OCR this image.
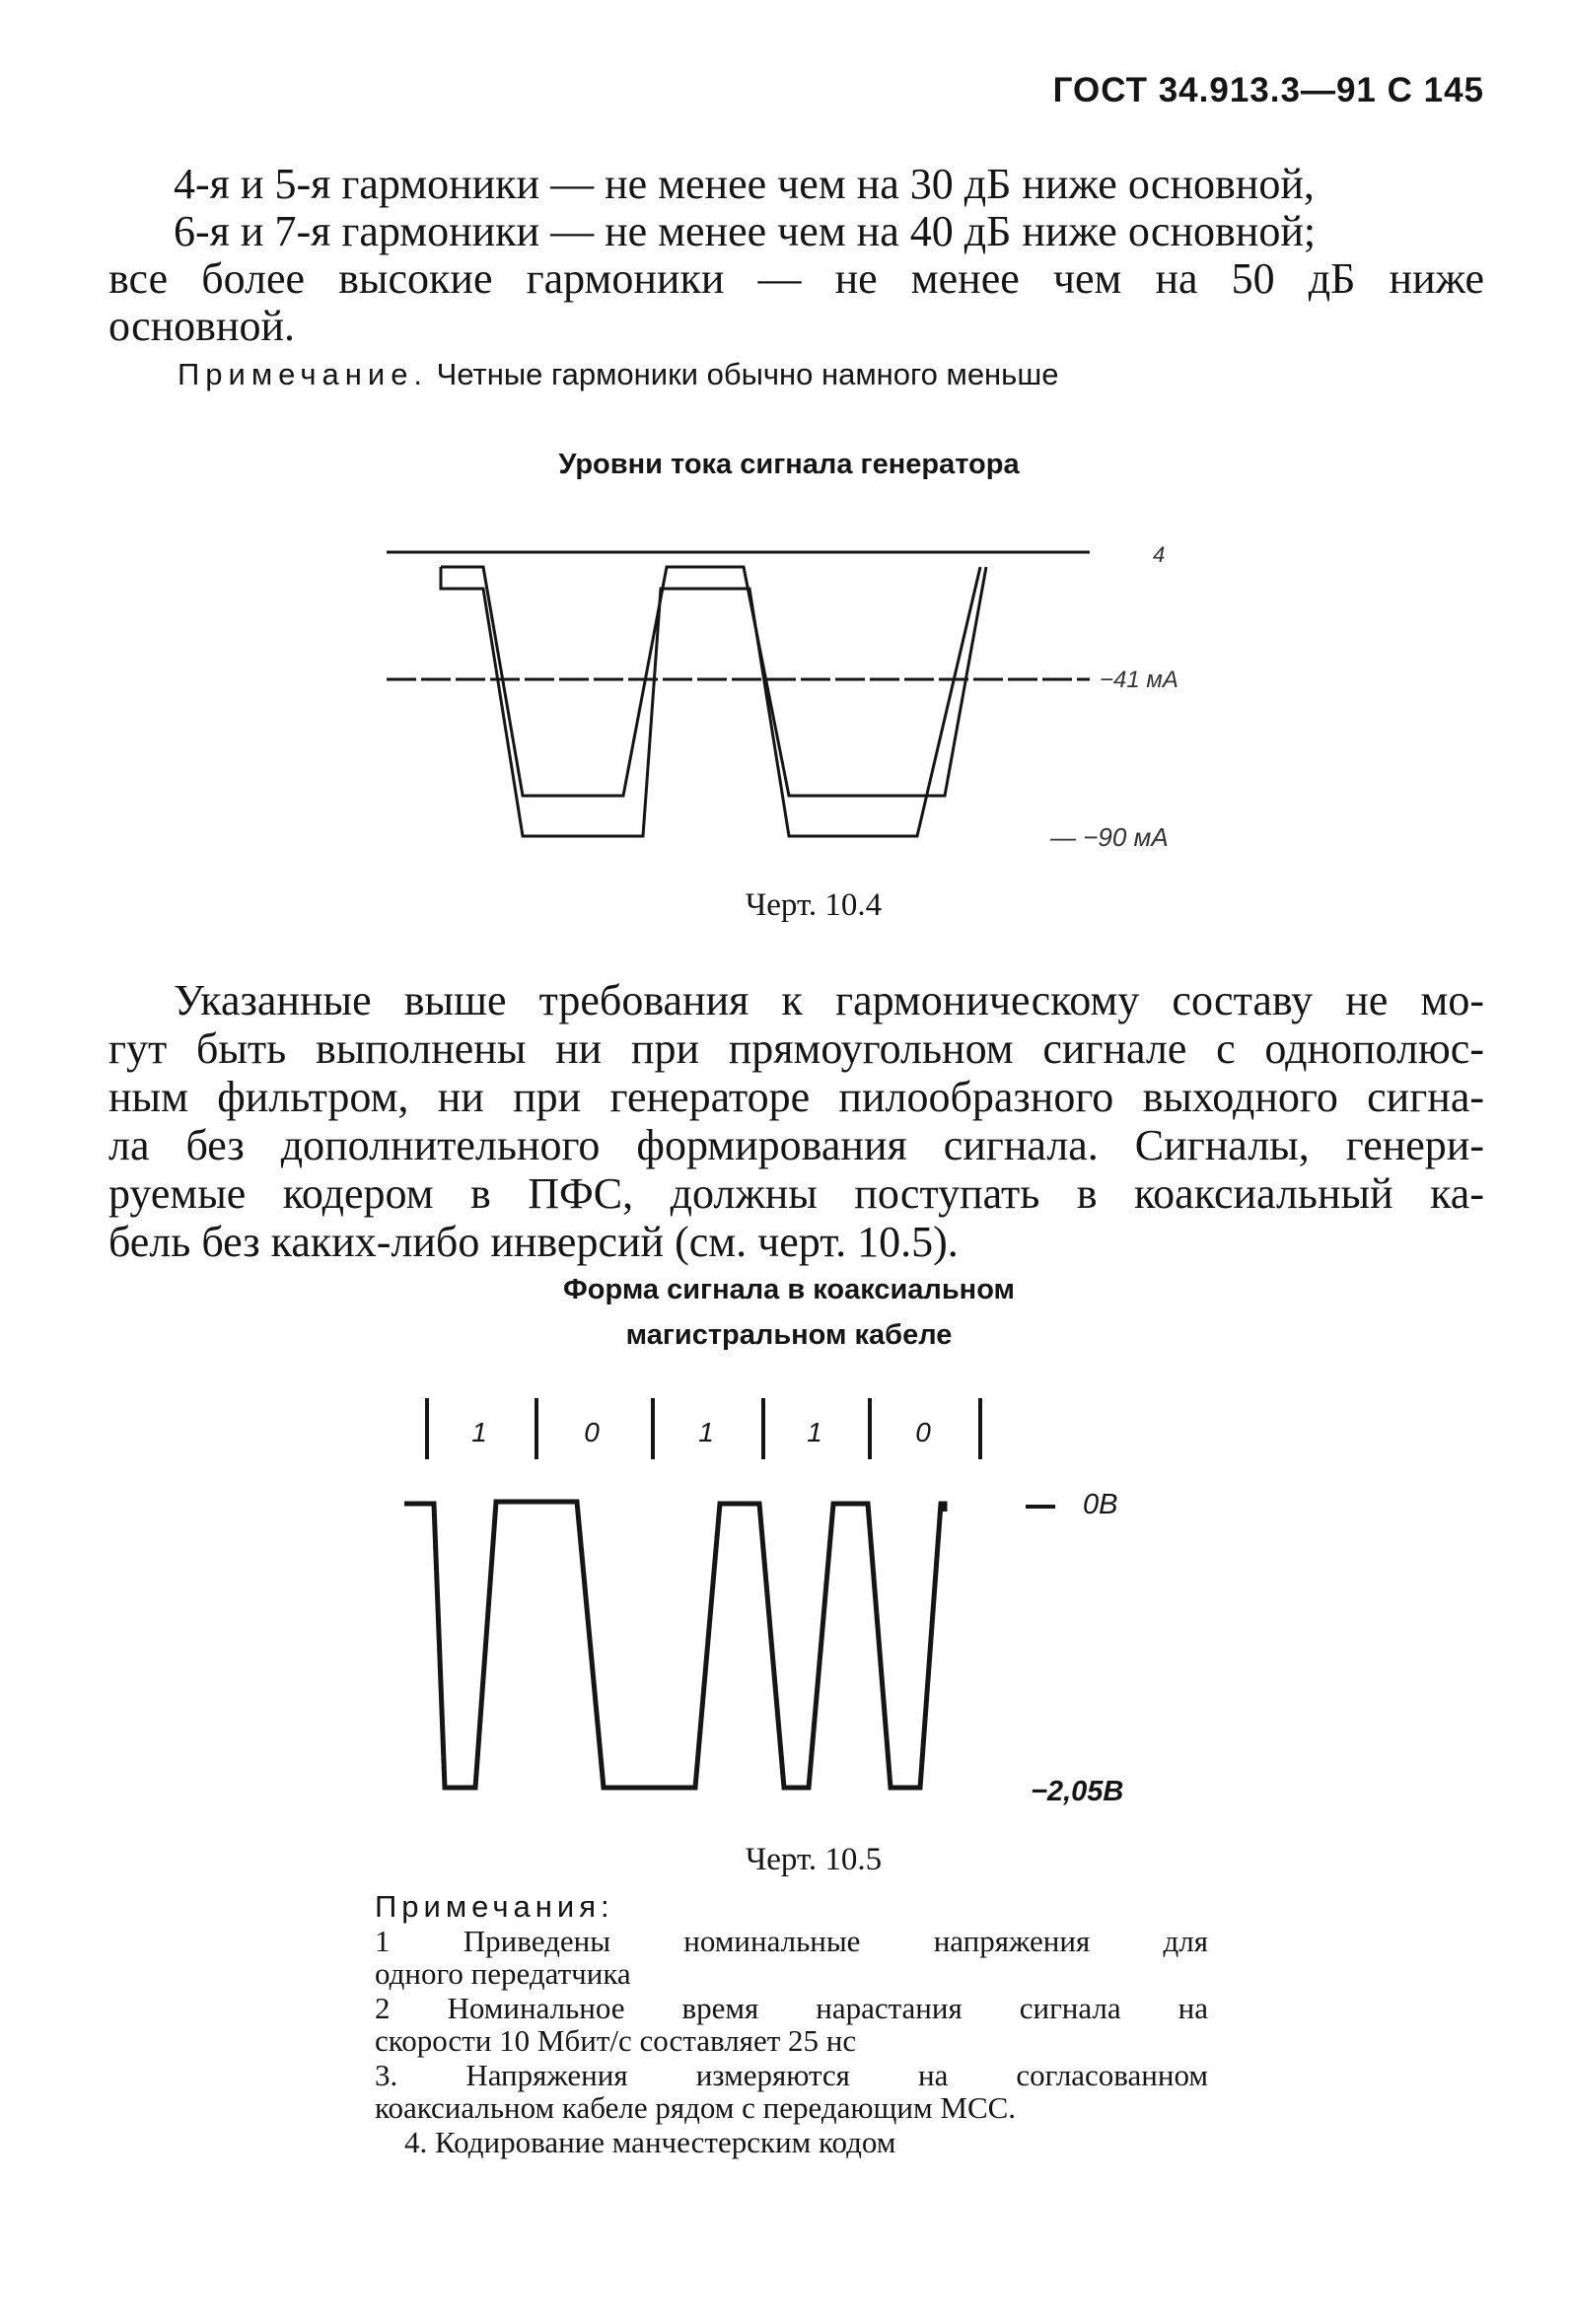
ГОСТ 34.913.3—91 С 145
4-я и 5-я гармоники — не менее чем на 30 дБ ниже основной,
6-я и 7-я гармоники — не менее чем на 40 дБ ниже основной;
все более высокие гармоники — не менее чем на 50 дБ ниже
основной.
Примечание. Четные гармоники обычно намного меньше
Уровни тока сигнала генератора
4
−41 мА
— −90 мА
Черт. 10.4
Указанные выше требования к гармоническому составу не мо-
гут быть выполнены ни при прямоугольном сигнале с однополюс-
ным фильтром, ни при генераторе пилообразного выходного сигна-
ла без дополнительного формирования сигнала. Сигналы, генери-
руемые кодером в ПФС, должны поступать в коаксиальный ка-
бель без каких-либо инверсий (см. черт. 10.5).
Форма сигнала в коаксиальном
магистральном кабеле
1	0	1	1	0
0В
−2,05В
Черт. 10.5
Примечания:
1 Приведены номинальные напряжения для
одного передатчика
2 Номинальное время нарастания сигнала на
скорости 10 Мбит/с составляет 25 нс
3. Напряжения измеряются на согласованном
коаксиальном кабеле рядом с передающим МСС.
4. Кодирование манчестерским кодом
